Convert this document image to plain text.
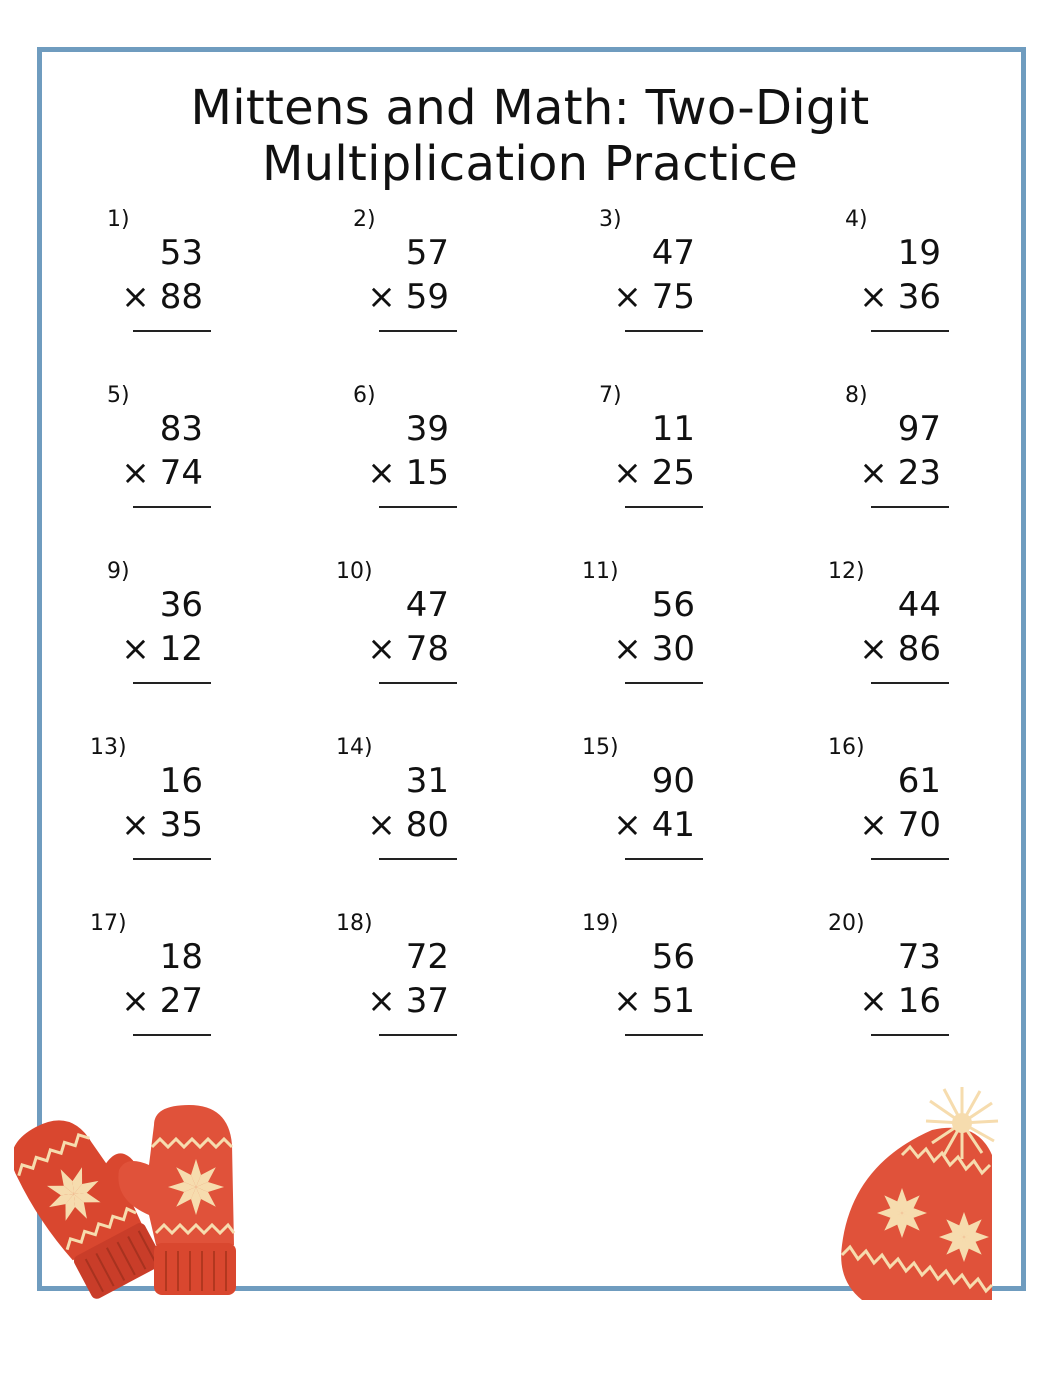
Mittens and Math: Two-Digit
Multiplication Practice
1)
53
× 88
2)
57
× 59
3)
47
× 75
4)
19
× 36
5)
83
× 74
6)
39
× 15
7)
11
× 25
8)
97
× 23
9)
36
× 12
10)
47
× 78
11)
56
× 30
12)
44
× 86
13)
16
× 35
14)
31
× 80
15)
90
× 41
16)
61
× 70
17)
18
× 27
18)
72
× 37
19)
56
× 51
20)
73
× 16
